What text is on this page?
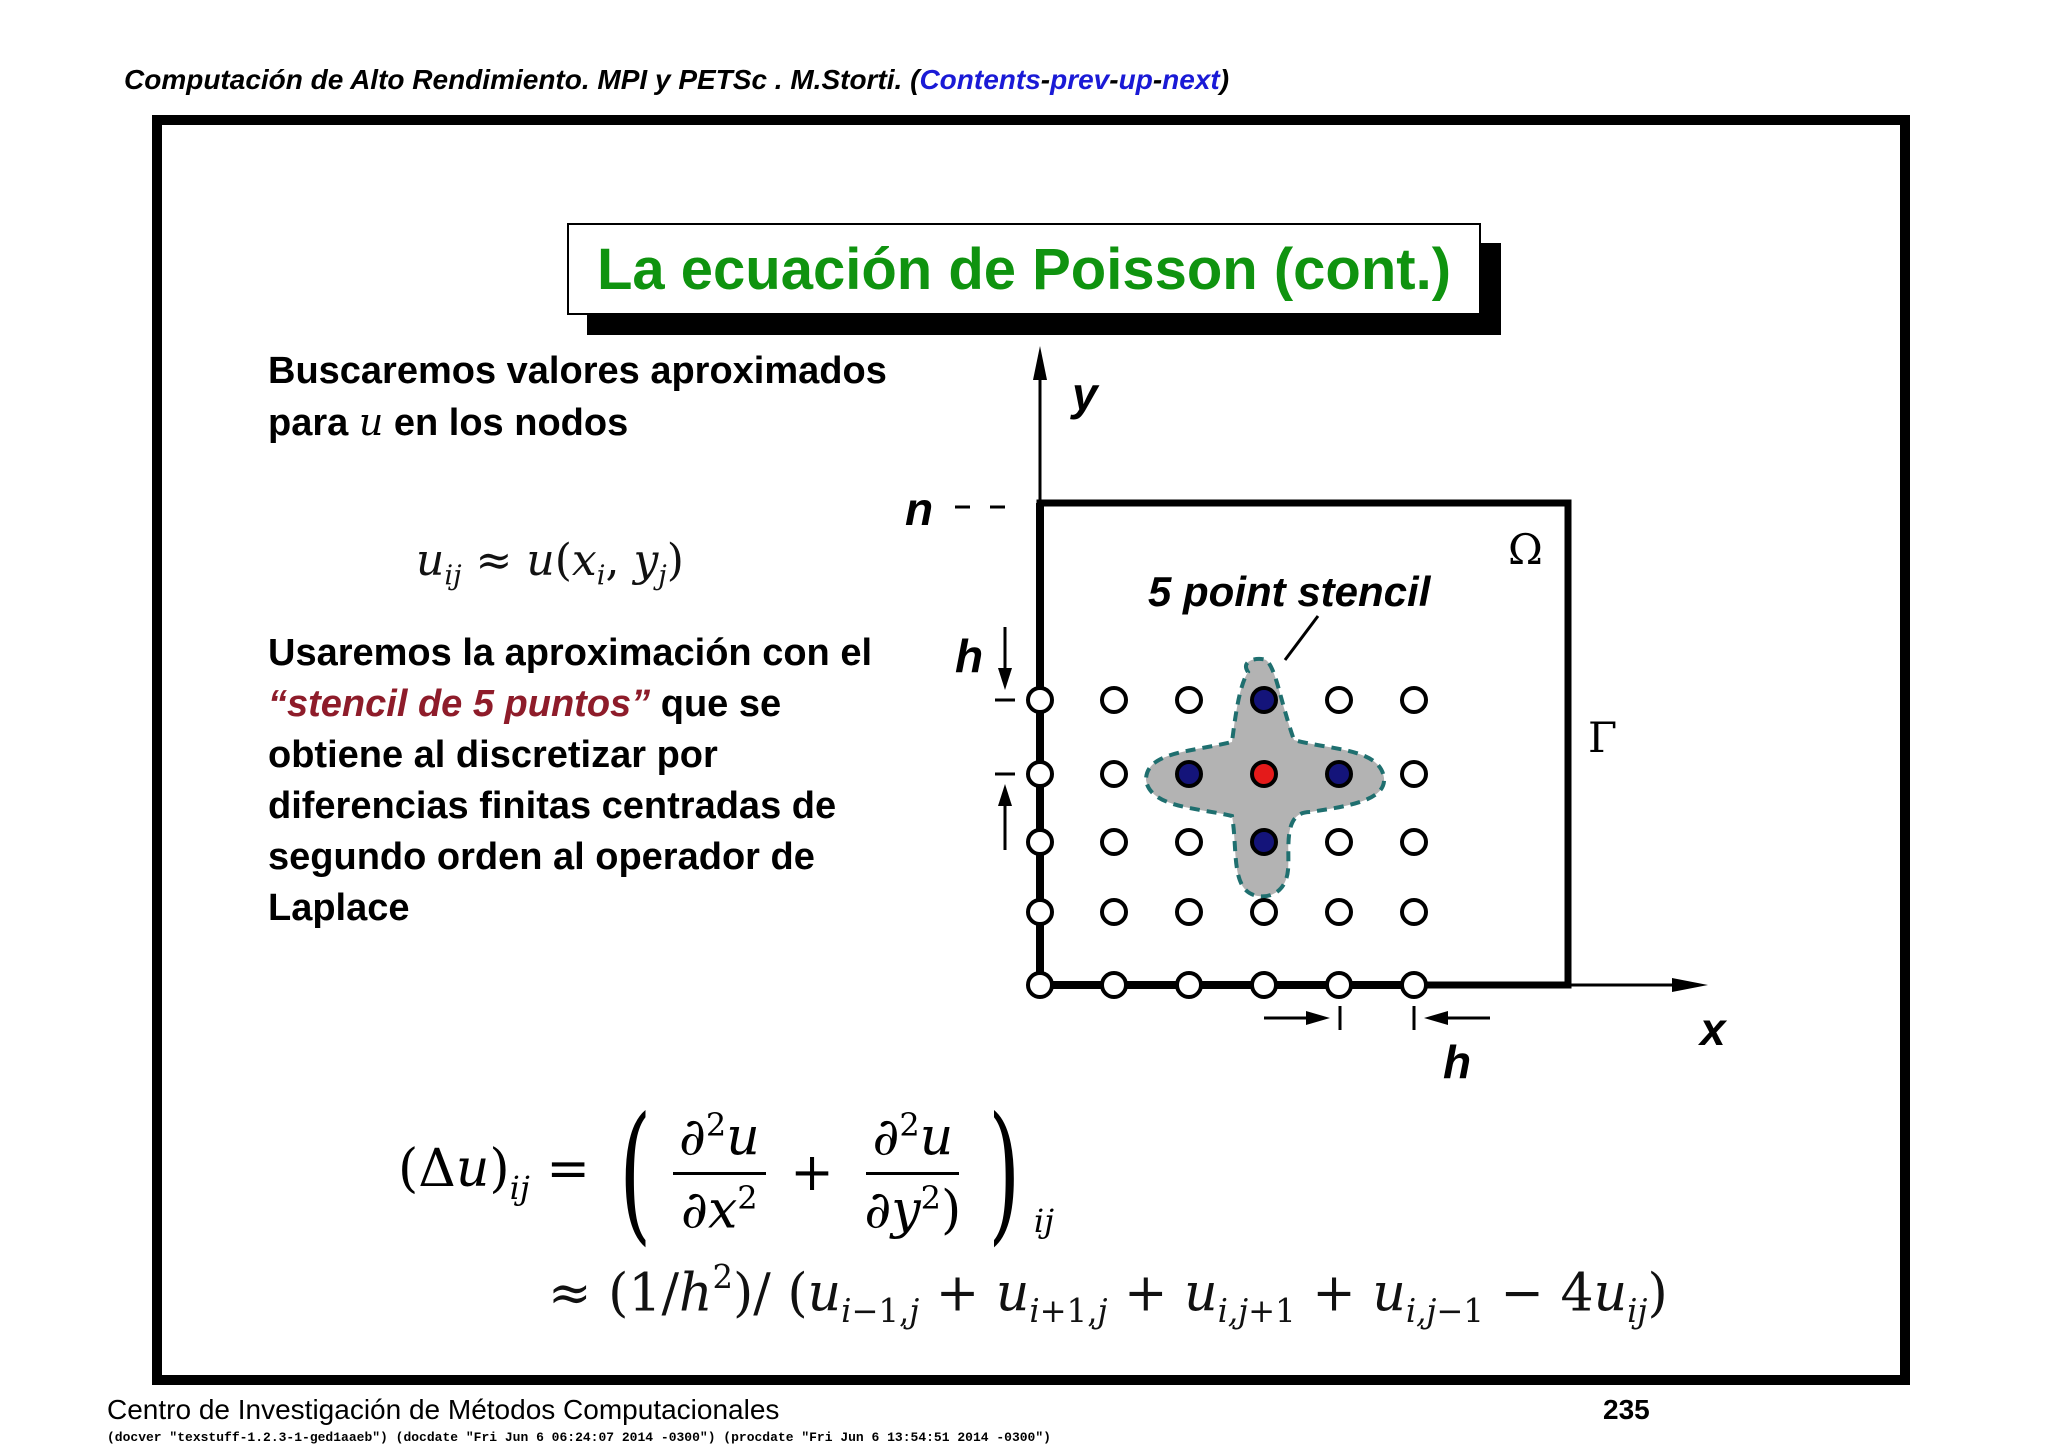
Computación de Alto Rendimiento. MPI y PETSc . M.Storti. (Contents-prev-up-next)
La ecuación de Poisson (cont.)
Buscaremos valores aproximados para u en los nodos
$u_{ij} \approx u(x_i$, $y_j$)
Usaremos la aproximación con el “stencil de 5 puntos” que se obtiene al discretizar por diferencias finitas centradas de segundo orden al operador de Laplace
y
x
n
h
h
Ω
Γ
5 point stencil
$(\Delta u)_{ij}$ = ( $\frac{\partial^2u}{\partial x^2} + \frac{\partial^2u}{\partial y^2)}$ ) ij
≈ $(1/h^2)/$ $(u_{i-1,j} + u_{i+1,j} + u_{i,j+1} + u_{i,j-1} - 4u_{ij})$
Centro de Investigación de Métodos Computacionales	235
(docver "texstuff-1.2.3-1-ged1aaeb") (docdate "Fri Jun 6 06:24:07 2014 -0300") (procdate "Fri Jun 6 13:54:51 2014 -0300")
